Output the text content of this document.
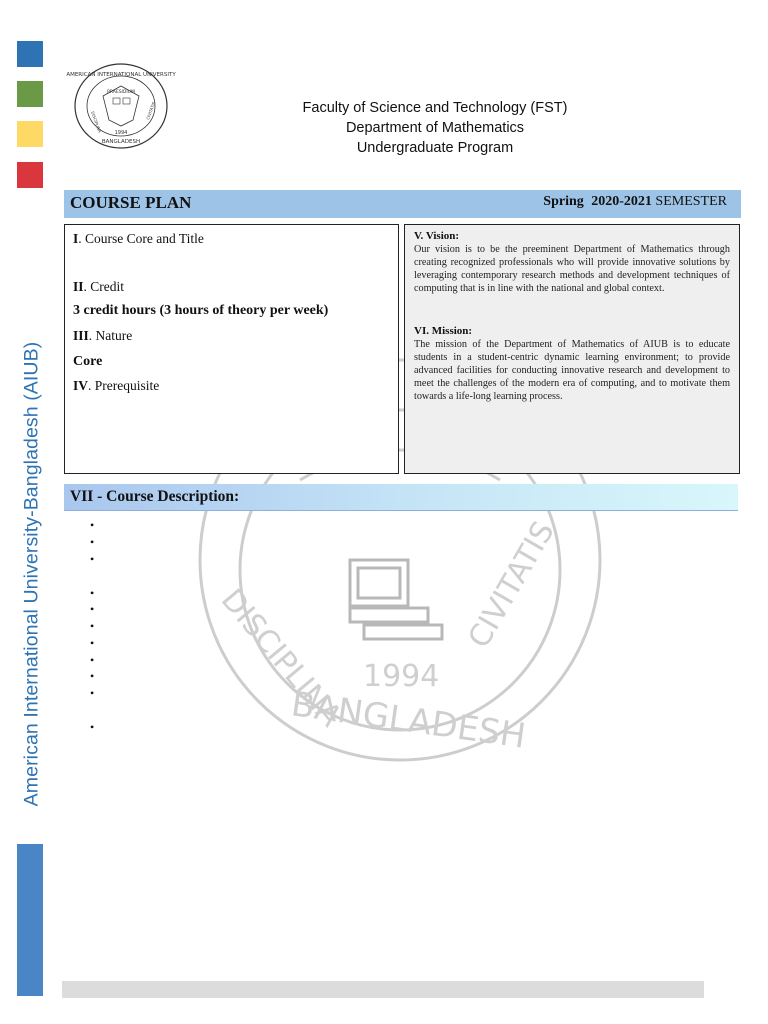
American International University-Bangladesh (AIUB)	DISCIPLINA	CIVITATIS
1994
BANGLADESH
AMERICAN INTERNATIONAL UNIVERSITY
PRAESIDIUM
1994
BANGLADESH
DISCIPLINA	CIVITATIS	Faculty of Science and Technology (FST)
Department of Mathematics
Undergraduate Program
COURSE PLAN	Spring 2020-2021 SEMESTER
I. Course Core and Title
II. Credit
3 credit hours (3 hours of theory per week)
III. Nature
Core
IV. Prerequisite
V. Vision:
Our vision is to be the preeminent Department of Mathematics through creating recognized professionals who will provide innovative solutions by leveraging contemporary research methods and development techniques of computing that is in line with the national and global context.
VI. Mission:
The mission of the Department of Mathematics of AIUB is to educate students in a student-centric dynamic learning environment; to provide advanced facilities for conducting innovative research and development to meet the challenges of the modern era of computing, and to motivate them towards a life-long learning process.
VII - Course Description:
•
•
•
•
•
•
•
•
•
•
•
